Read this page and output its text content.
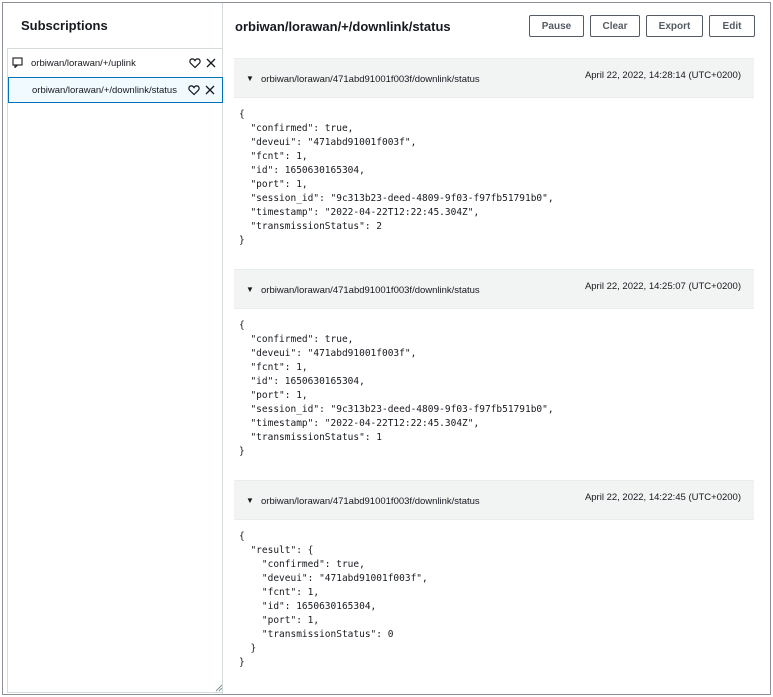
Subscriptions
orbiwan/lorawan/+/uplink
orbiwan/lorawan/+/downlink/status
orbiwan/lorawan/+/downlink/status	Pause	Clear	Export	Edit
▼ orbiwan/lorawan/471abd91001f003f/downlink/status	April 22, 2022, 14:28:14 (UTC+0200)
{
"confirmed": true,
"deveui": "471abd91001f003f",
"fcnt": 1,
"id": 1650630165304,
"port": 1,
"session_id": "9c313b23-deed-4809-9f03-f97fb51791b0",
"timestamp": "2022-04-22T12:22:45.304Z",
"transmissionStatus": 2
}
▼ orbiwan/lorawan/471abd91001f003f/downlink/status	April 22, 2022, 14:25:07 (UTC+0200)
{
"confirmed": true,
"deveui": "471abd91001f003f",
"fcnt": 1,
"id": 1650630165304,
"port": 1,
"session_id": "9c313b23-deed-4809-9f03-f97fb51791b0",
"timestamp": "2022-04-22T12:22:45.304Z",
"transmissionStatus": 1
}
▼ orbiwan/lorawan/471abd91001f003f/downlink/status	April 22, 2022, 14:22:45 (UTC+0200)
{
"result": {
"confirmed": true,
"deveui": "471abd91001f003f",
"fcnt": 1,
"id": 1650630165304,
"port": 1,
"transmissionStatus": 0
}
}
